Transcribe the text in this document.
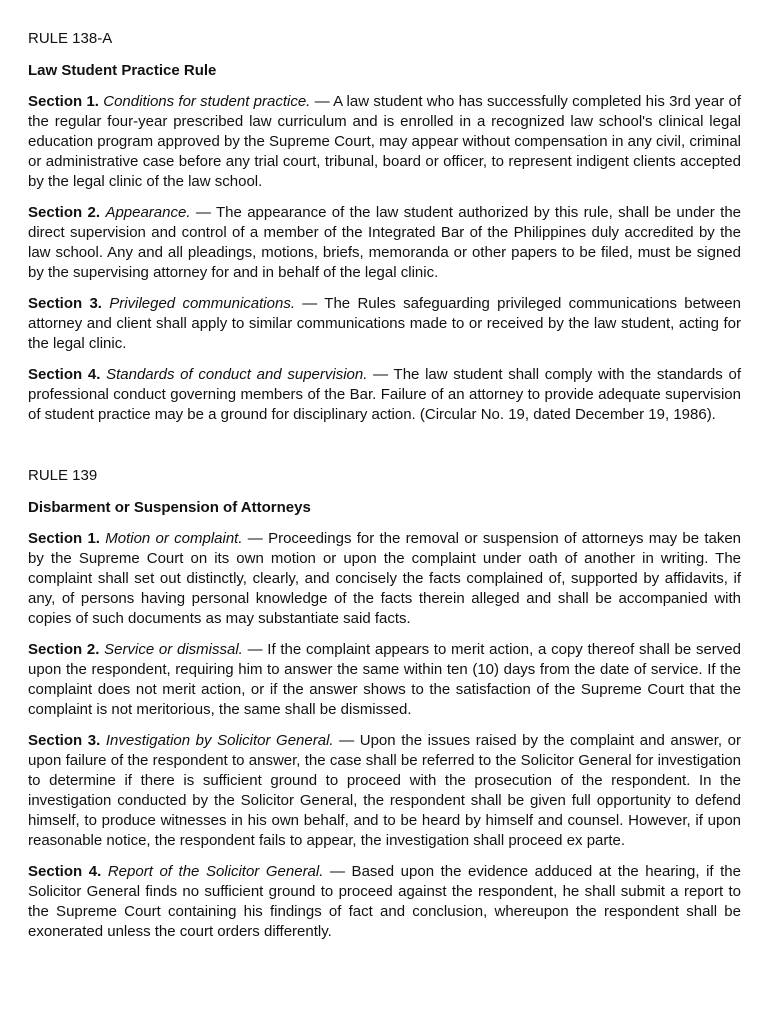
RULE 138-A
Law Student Practice Rule

Section 1. Conditions for student practice. — A law student who has successfully completed his 3rd year of the regular four-year prescribed law curriculum and is enrolled in a recognized law school's clinical legal education program approved by the Supreme Court, may appear without compensation in any civil, criminal or administrative case before any trial court, tribunal, board or officer, to represent indigent clients accepted by the legal clinic of the law school.

Section 2. Appearance. — The appearance of the law student authorized by this rule, shall be under the direct supervision and control of a member of the Integrated Bar of the Philippines duly accredited by the law school. Any and all pleadings, motions, briefs, memoranda or other papers to be filed, must be signed by the supervising attorney for and in behalf of the legal clinic.

Section 3. Privileged communications. — The Rules safeguarding privileged communications between attorney and client shall apply to similar communications made to or received by the law student, acting for the legal clinic.

Section 4. Standards of conduct and supervision. — The law student shall comply with the standards of professional conduct governing members of the Bar. Failure of an attorney to provide adequate supervision of student practice may be a ground for disciplinary action. (Circular No. 19, dated December 19, 1986).

RULE 139
Disbarment or Suspension of Attorneys

Section 1. Motion or complaint. — Proceedings for the removal or suspension of attorneys may be taken by the Supreme Court on its own motion or upon the complaint under oath of another in writing. The complaint shall set out distinctly, clearly, and concisely the facts complained of, supported by affidavits, if any, of persons having personal knowledge of the facts therein alleged and shall be accompanied with copies of such documents as may substantiate said facts.

Section 2. Service or dismissal. — If the complaint appears to merit action, a copy thereof shall be served upon the respondent, requiring him to answer the same within ten (10) days from the date of service. If the complaint does not merit action, or if the answer shows to the satisfaction of the Supreme Court that the complaint is not meritorious, the same shall be dismissed.

Section 3. Investigation by Solicitor General. — Upon the issues raised by the complaint and answer, or upon failure of the respondent to answer, the case shall be referred to the Solicitor General for investigation to determine if there is sufficient ground to proceed with the prosecution of the respondent. In the investigation conducted by the Solicitor General, the respondent shall be given full opportunity to defend himself, to produce witnesses in his own behalf, and to be heard by himself and counsel. However, if upon reasonable notice, the respondent fails to appear, the investigation shall proceed ex parte.

Section 4. Report of the Solicitor General. — Based upon the evidence adduced at the hearing, if the Solicitor General finds no sufficient ground to proceed against the respondent, he shall submit a report to the Supreme Court containing his findings of fact and conclusion, whereupon the respondent shall be exonerated unless the court orders differently.
